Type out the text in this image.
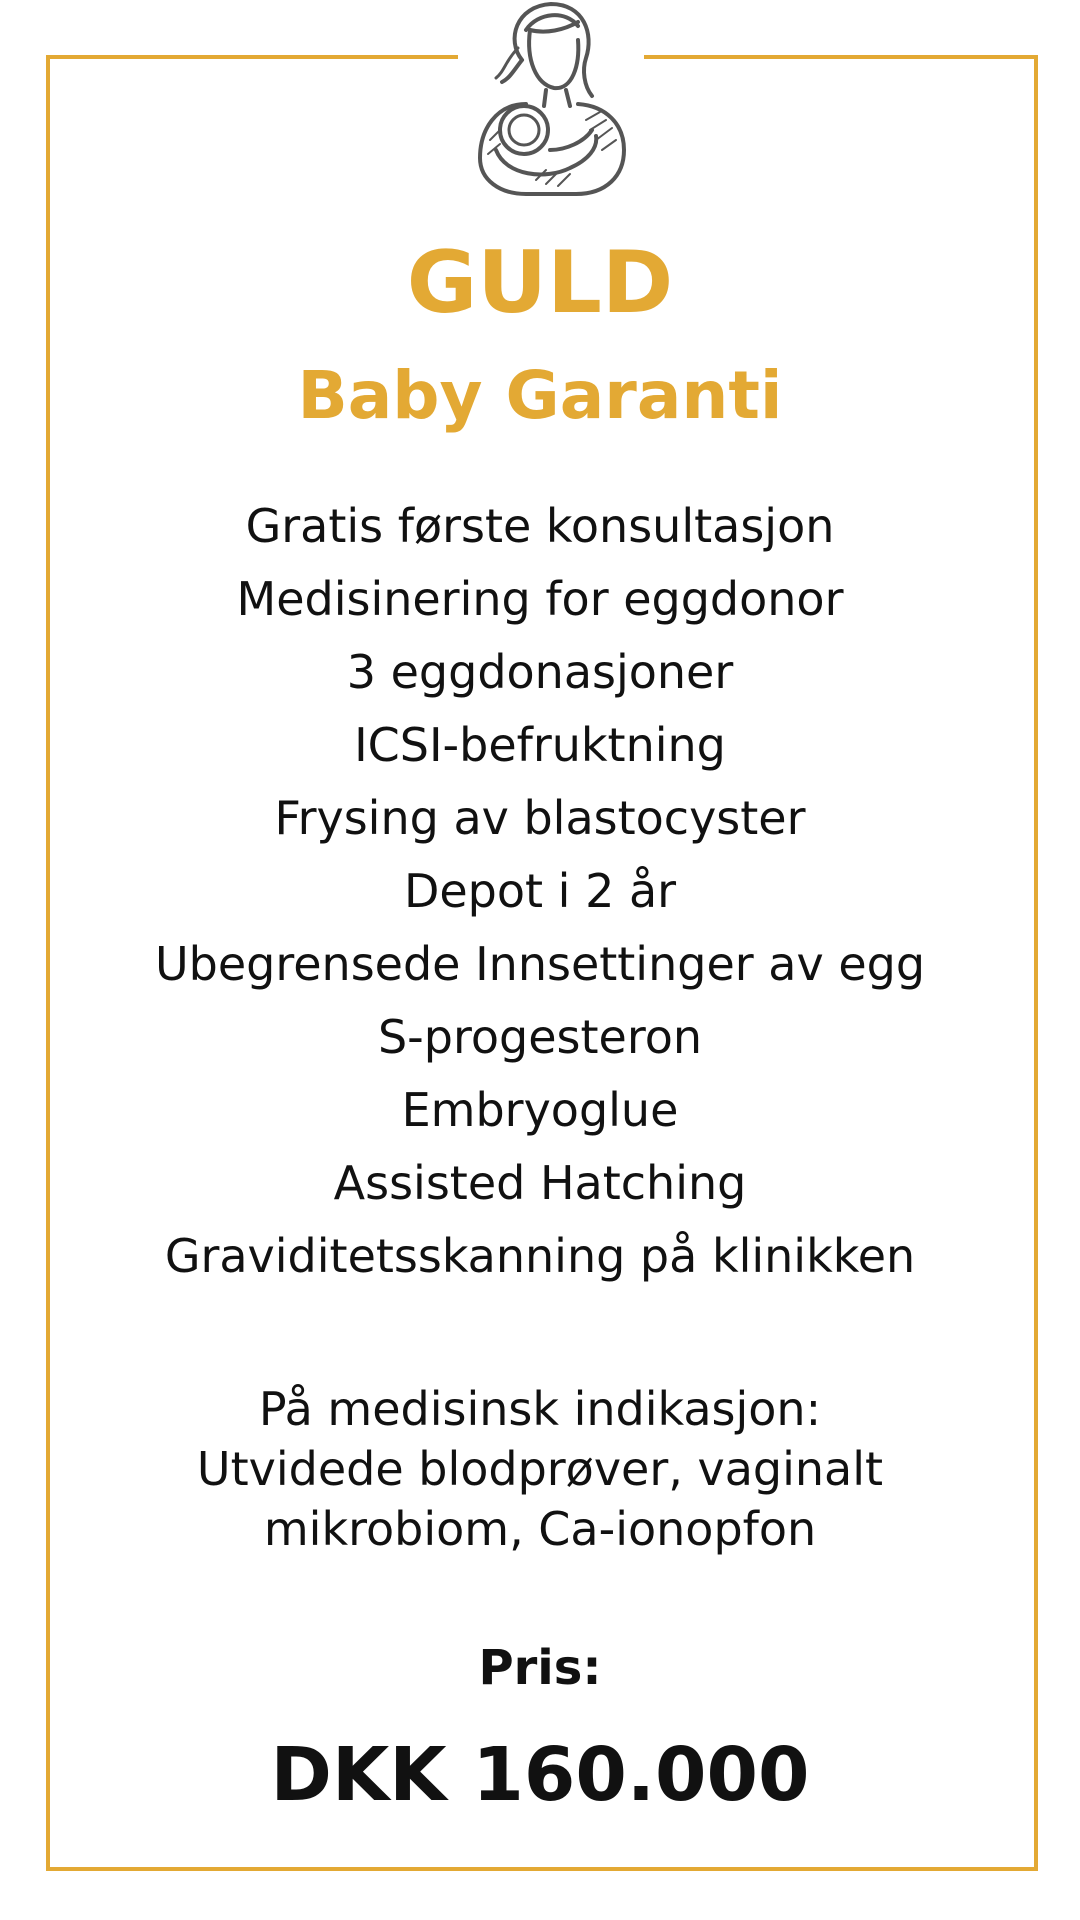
GULD
Baby Garanti
Gratis første konsultasjon
Medisinering for eggdonor
3 eggdonasjoner
ICSI-befruktning
Frysing av blastocyster
Depot i 2 år
Ubegrensede Innsettinger av egg
S-progesteron
Embryoglue
Assisted Hatching
Graviditetsskanning på klinikken
På medisinsk indikasjon:
Utvidede blodprøver, vaginalt
mikrobiom, Ca-ionopfon
Pris:
DKK 160.000
